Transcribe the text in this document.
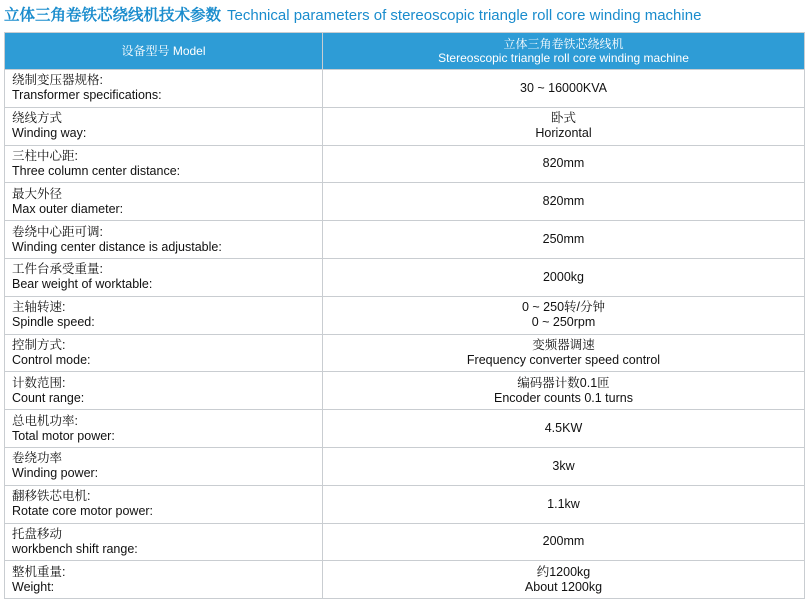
立体三角卷铁芯绕线机技术参数 Technical parameters of stereoscopic triangle roll core winding machine
设备型号 Model	立体三角卷铁芯绕线机
Stereoscopic triangle roll core winding machine

绕制变压器规格:
Transformer specifications:	30 ~ 16000KVA

绕线方式
Winding way:	卧式
Horizontal

三柱中心距:
Three column center distance:	820mm

最大外径
Max outer diameter:	820mm

卷绕中心距可调:
Winding center distance is adjustable:	250mm

工件台承受重量:
Bear weight of worktable:	2000kg

主轴转速:
Spindle speed:	0 ~ 250转/分钟
0 ~ 250rpm

控制方式:
Control mode:	变频器调速
Frequency converter speed control

计数范围:
Count range:	编码器计数0.1匝
Encoder counts 0.1 turns

总电机功率:
Total motor power:	4.5KW

卷绕功率
Winding power:	3kw

翻移铁芯电机:
Rotate core motor power:	1.1kw

托盘移动
workbench shift range:	200mm

整机重量:
Weight:	约1200kg
About 1200kg
